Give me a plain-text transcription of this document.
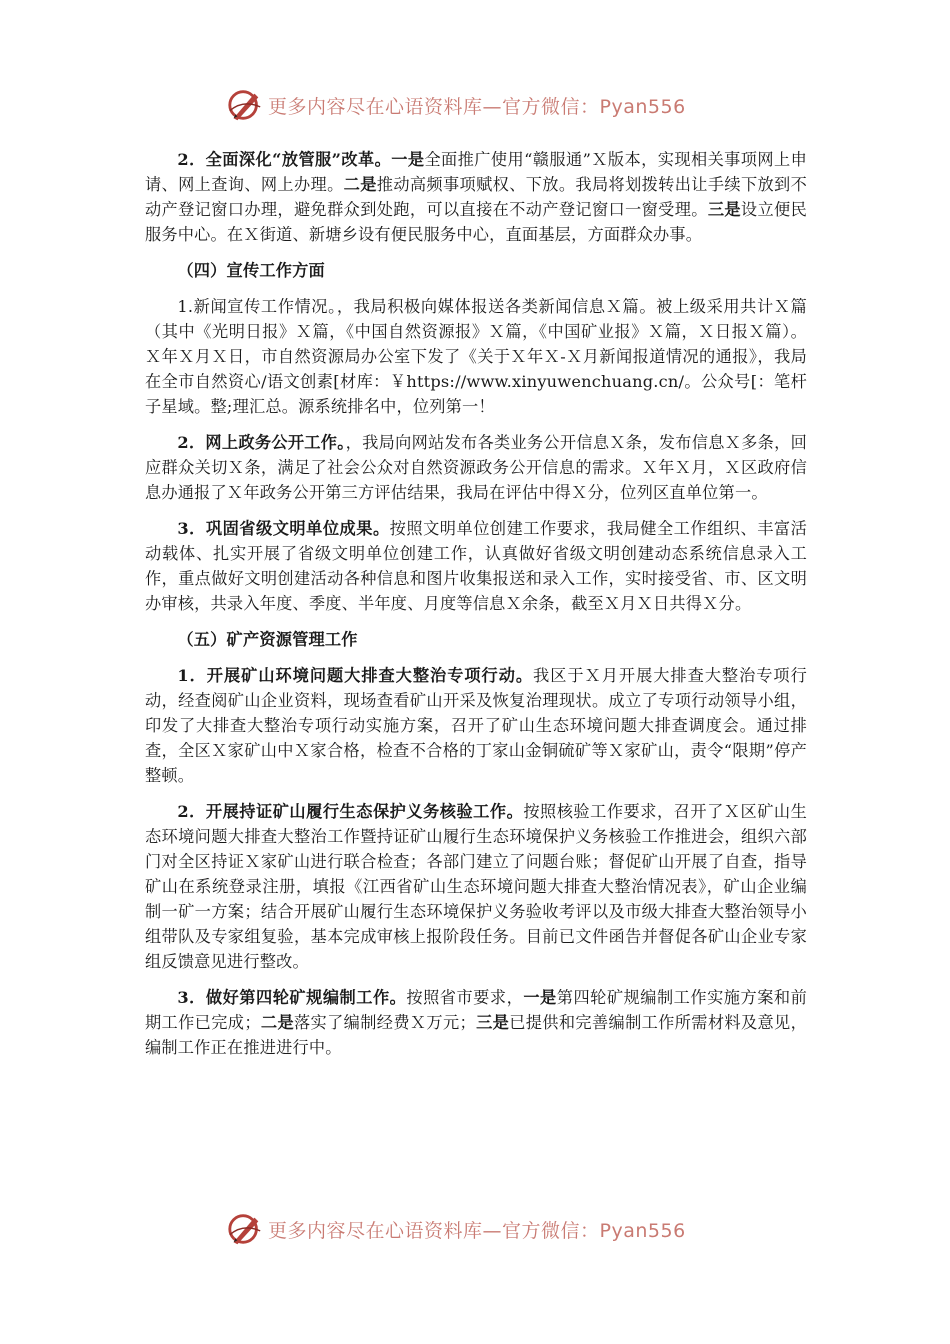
更多内容尽在心语资料库—官方微信：Pyan556

2．全面深化“放管服”改革。一是全面推广使用“赣服通”Ｘ版本，实现相关事项网上申请、网上查询、网上办理。二是推动高频事项赋权、下放。我局将划拨转出让手续下放到不动产登记窗口办理，避免群众到处跑，可以直接在不动产登记窗口一窗受理。三是设立便民服务中心。在Ｘ街道、新塘乡设有便民服务中心，直面基层，方面群众办事。

（四）宣传工作方面

1.新闻宣传工作情况。，我局积极向媒体报送各类新闻信息Ｘ篇。被上级采用共计Ｘ篇（其中《光明日报》Ｘ篇，《中国自然资源报》Ｘ篇，《中国矿业报》Ｘ篇，Ｘ日报Ｘ篇）。Ｘ年Ｘ月Ｘ日，市自然资源局办公室下发了《关于Ｘ年Ｘ-Ｘ月新闻报道情况的通报》，我局在全市自然资心/语文创素[材库：￥https://www.xinyuwenchuang.cn/。公众号[：笔杆子星域。整;理汇总。源系统排名中，位列第一！

2．网上政务公开工作。，我局向网站发布各类业务公开信息Ｘ条，发布信息Ｘ多条，回应群众关切Ｘ条，满足了社会公众对自然资源政务公开信息的需求。Ｘ年Ｘ月，Ｘ区政府信息办通报了Ｘ年政务公开第三方评估结果，我局在评估中得Ｘ分，位列区直单位第一。

3．巩固省级文明单位成果。按照文明单位创建工作要求，我局健全工作组织、丰富活动载体、扎实开展了省级文明单位创建工作，认真做好省级文明创建动态系统信息录入工作，重点做好文明创建活动各种信息和图片收集报送和录入工作，实时接受省、市、区文明办审核，共录入年度、季度、半年度、月度等信息Ｘ余条，截至Ｘ月Ｘ日共得Ｘ分。

（五）矿产资源管理工作

1．开展矿山环境问题大排查大整治专项行动。我区于Ｘ月开展大排查大整治专项行动，经查阅矿山企业资料，现场查看矿山开采及恢复治理现状。成立了专项行动领导小组，印发了大排查大整治专项行动实施方案，召开了矿山生态环境问题大排查调度会。通过排查，全区Ｘ家矿山中Ｘ家合格，检查不合格的丁家山金铜硫矿等Ｘ家矿山，责令“限期”停产整顿。

2．开展持证矿山履行生态保护义务核验工作。按照核验工作要求，召开了Ｘ区矿山生态环境问题大排查大整治工作暨持证矿山履行生态环境保护义务核验工作推进会，组织六部门对全区持证Ｘ家矿山进行联合检查；各部门建立了问题台账；督促矿山开展了自查，指导矿山在系统登录注册，填报《江西省矿山生态环境问题大排查大整治情况表》，矿山企业编制一矿一方案；结合开展矿山履行生态环境保护义务验收考评以及市级大排查大整治领导小组带队及专家组复验，基本完成审核上报阶段任务。目前已文件函告并督促各矿山企业专家组反馈意见进行整改。

3．做好第四轮矿规编制工作。按照省市要求，一是第四轮矿规编制工作实施方案和前期工作已完成；二是落实了编制经费Ｘ万元；三是已提供和完善编制工作所需材料及意见，编制工作正在推进进行中。

更多内容尽在心语资料库—官方微信：Pyan556
